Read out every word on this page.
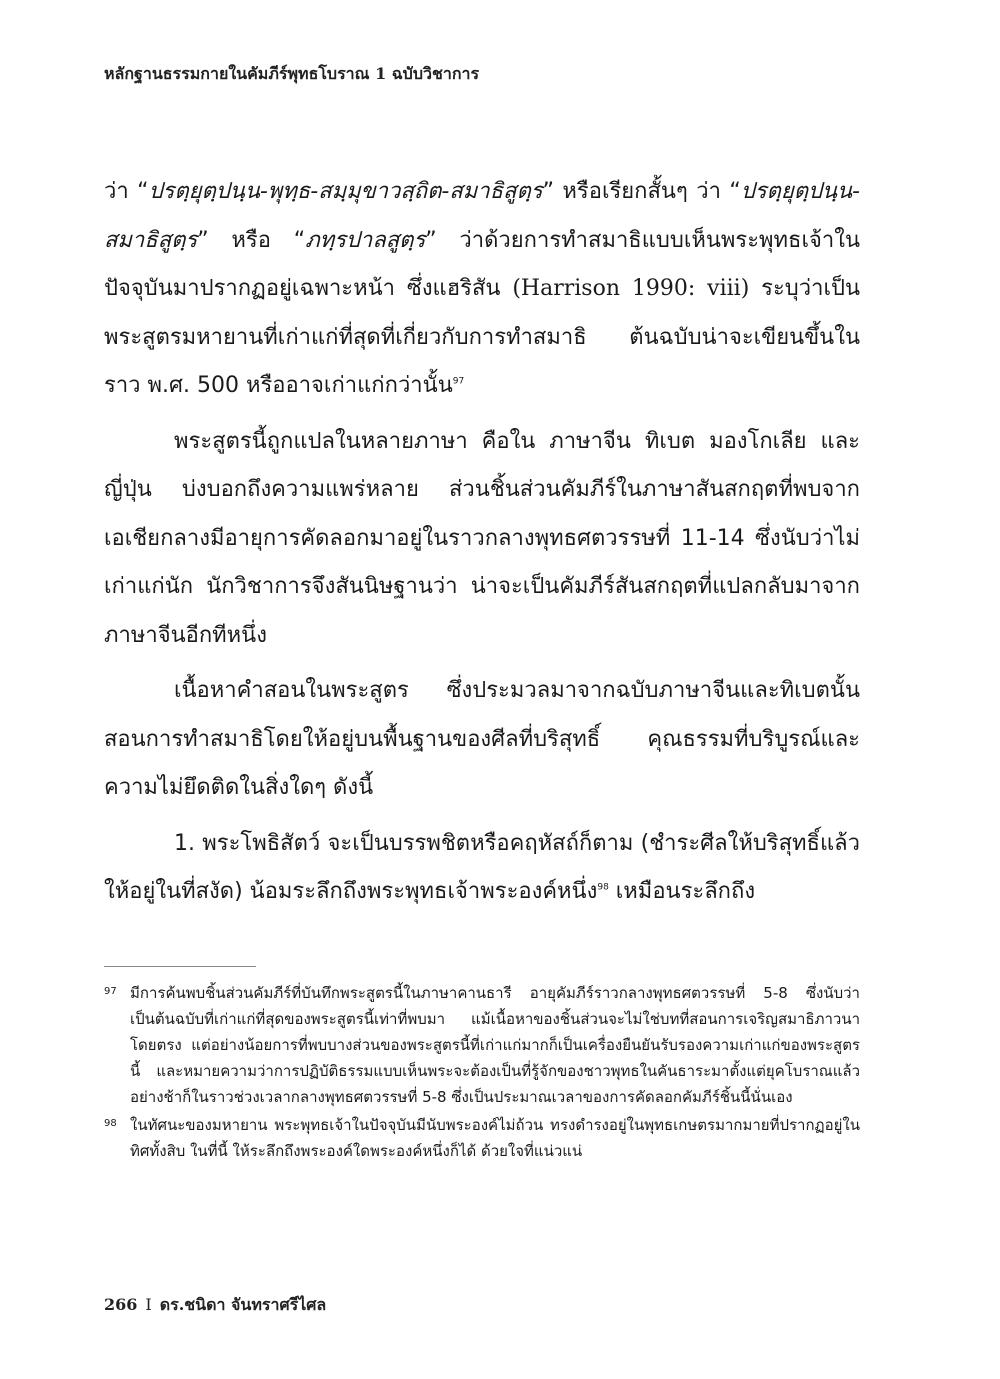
หลักฐานธรรมกายในคัมภีร์พุทธโบราณ 1 ฉบับวิชาการ

ว่า “ปรตฺยุตฺปนฺน-พุทฺธ-สมฺมุขาวสฺถิต-สมาธิสูตฺร” หรือเรียกสั้นๆ ว่า “ปรตฺยุตฺปนฺน-สมาธิสูตฺร” หรือ “ภทฺรปาลสูตฺร” ว่าด้วยการทำสมาธิแบบเห็นพระพุทธเจ้าในปัจจุบันมาปรากฏอยู่เฉพาะหน้า ซึ่งแฮริสัน (Harrison 1990: viii) ระบุว่าเป็นพระสูตรมหายานที่เก่าแก่ที่สุดที่เกี่ยวกับการทำสมาธิ ต้นฉบับน่าจะเขียนขึ้นในราว พ.ศ. 500 หรืออาจเก่าแก่กว่านั้น$^{97}$

พระสูตรนี้ถูกแปลในหลายภาษา คือใน ภาษาจีน ทิเบต มองโกเลีย และญี่ปุ่น บ่งบอกถึงความแพร่หลาย ส่วนชิ้นส่วนคัมภีร์ในภาษาสันสกฤตที่พบจากเอเชียกลางมีอายุการคัดลอกมาอยู่ในราวกลางพุทธศตวรรษที่ 11-14 ซึ่งนับว่าไม่เก่าแก่นัก นักวิชาการจึงสันนิษฐานว่า น่าจะเป็นคัมภีร์สันสกฤตที่แปลกลับมาจากภาษาจีนอีกทีหนึ่ง

เนื้อหาคำสอนในพระสูตร ซึ่งประมวลมาจากฉบับภาษาจีนและทิเบตนั้นสอนการทำสมาธิโดยให้อยู่บนพื้นฐานของศีลที่บริสุทธิ์ คุณธรรมที่บริบูรณ์และความไม่ยึดติดในสิ่งใดๆ ดังนี้

1. พระโพธิสัตว์ จะเป็นบรรพชิตหรือคฤหัสถ์ก็ตาม (ชำระศีลให้บริสุทธิ์แล้วให้อยู่ในที่สงัด) น้อมระลึกถึงพระพุทธเจ้าพระองค์หนึ่ง$^{98}$ เหมือนระลึกถึง

97 มีการค้นพบชิ้นส่วนคัมภีร์ที่บันทึกพระสูตรนี้ในภาษาคานธารี อายุคัมภีร์ราวกลางพุทธศตวรรษที่ 5-8 ซึ่งนับว่าเป็นต้นฉบับที่เก่าแก่ที่สุดของพระสูตรนี้เท่าที่พบมา แม้เนื้อหาของชิ้นส่วนจะไม่ใช่บทที่สอนการเจริญสมาธิภาวนาโดยตรง แต่อย่างน้อยการที่พบบางส่วนของพระสูตรนี้ที่เก่าแก่มากก็เป็นเครื่องยืนยันรับรองความเก่าแก่ของพระสูตรนี้ และหมายความว่าการปฏิบัติธรรมแบบเห็นพระจะต้องเป็นที่รู้จักของชาวพุทธในคันธาระมาตั้งแต่ยุคโบราณแล้ว อย่างช้าก็ในราวช่วงเวลากลางพุทธศตวรรษที่ 5-8 ซึ่งเป็นประมาณเวลาของการคัดลอกคัมภีร์ชิ้นนี้นั่นเอง
98 ในทัศนะของมหายาน พระพุทธเจ้าในปัจจุบันมีนับพระองค์ไม่ถ้วน ทรงดำรงอยู่ในพุทธเกษตรมากมายที่ปรากฏอยู่ในทิศทั้งสิบ ในที่นี้ ให้ระลึกถึงพระองค์ใดพระองค์หนึ่งก็ได้ ด้วยใจที่แน่วแน่
266 I ดร.ชนิดา จันทราศรีไศล
